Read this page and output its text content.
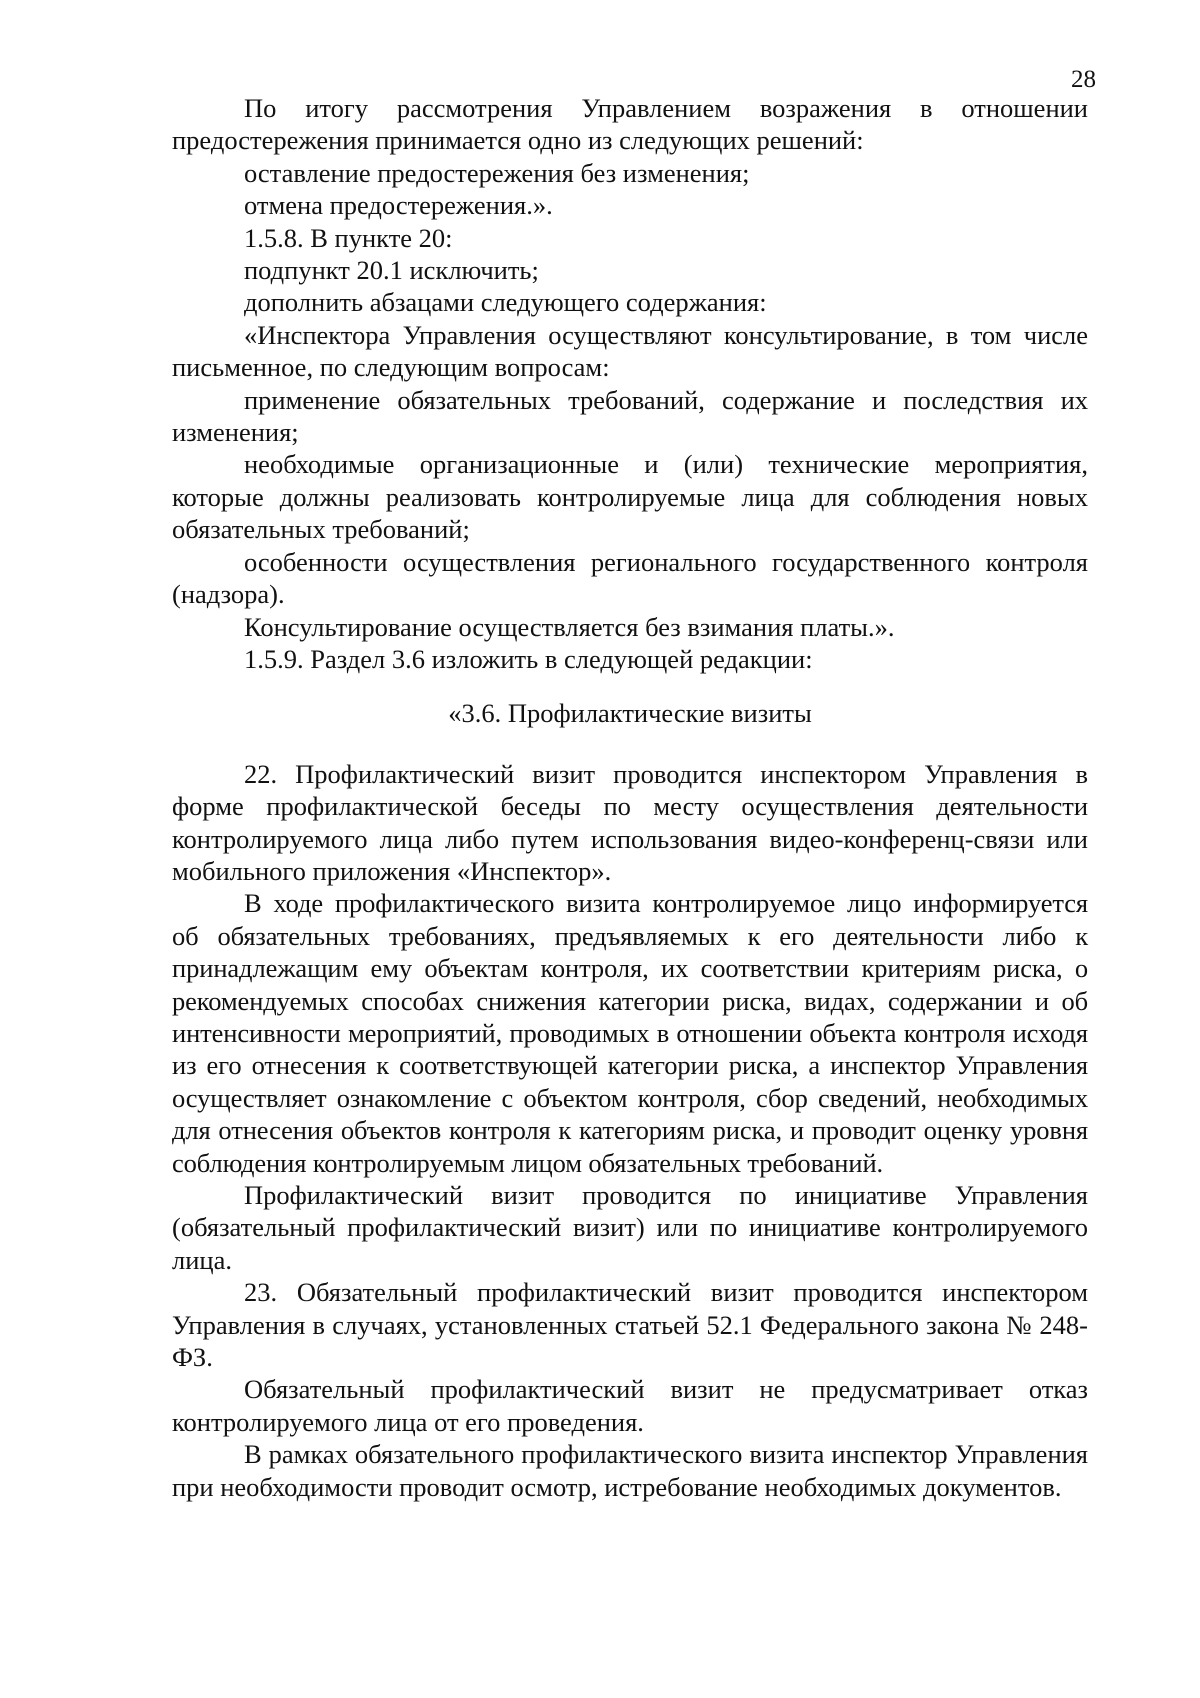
28

По итогу рассмотрения Управлением возражения в отношении предостережения принимается одно из следующих решений:

оставление предостережения без изменения;

отмена предостережения.».

1.5.8. В пункте 20:

подпункт 20.1 исключить;

дополнить абзацами следующего содержания:

«Инспектора Управления осуществляют консультирование, в том числе письменное, по следующим вопросам:

применение обязательных требований, содержание и последствия их изменения;

необходимые организационные и (или) технические мероприятия, которые должны реализовать контролируемые лица для соблюдения новых обязательных требований;

особенности осуществления регионального государственного контроля (надзора).

Консультирование осуществляется без взимания платы.».

1.5.9. Раздел 3.6 изложить в следующей редакции:

«3.6. Профилактические визиты

22. Профилактический визит проводится инспектором Управления в форме профилактической беседы по месту осуществления деятельности контролируемого лица либо путем использования видео-конференц-связи или мобильного приложения «Инспектор».

В ходе профилактического визита контролируемое лицо информируется об обязательных требованиях, предъявляемых к его деятельности либо к принадлежащим ему объектам контроля, их соответствии критериям риска, о рекомендуемых способах снижения категории риска, видах, содержании и об интенсивности мероприятий, проводимых в отношении объекта контроля исходя из его отнесения к соответствующей категории риска, а инспектор Управления осуществляет ознакомление с объектом контроля, сбор сведений, необходимых для отнесения объектов контроля к категориям риска, и проводит оценку уровня соблюдения контролируемым лицом обязательных требований.

Профилактический визит проводится по инициативе Управления (обязательный профилактический визит) или по инициативе контролируемого лица.

23. Обязательный профилактический визит проводится инспектором Управления в случаях, установленных статьей 52.1 Федерального закона № 248-ФЗ.

Обязательный профилактический визит не предусматривает отказ контролируемого лица от его проведения.

В рамках обязательного профилактического визита инспектор Управления при необходимости проводит осмотр, истребование необходимых документов.
